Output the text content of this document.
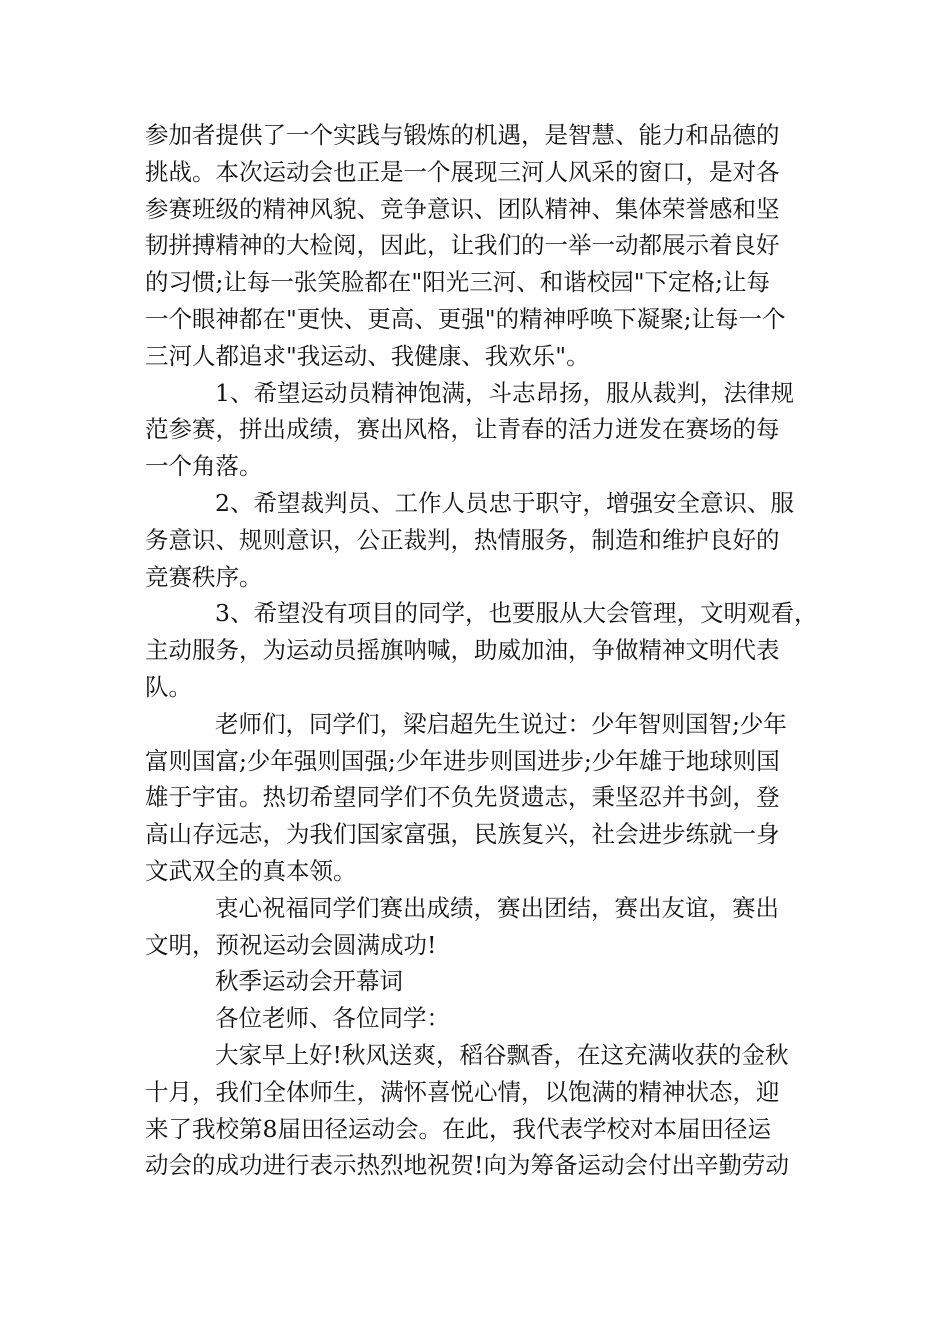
参加者提供了一个实践与锻炼的机遇，是智慧、能力和品德的
挑战。本次运动会也正是一个展现三河人风采的窗口，是对各
参赛班级的精神风貌、竞争意识、团队精神、集体荣誉感和坚
韧拼搏精神的大检阅，因此，让我们的一举一动都展示着良好
的习惯;让每一张笑脸都在"阳光三河、和谐校园"下定格;让每
一个眼神都在"更快、更高、更强"的精神呼唤下凝聚;让每一个
三河人都追求"我运动、我健康、我欢乐"。
1、希望运动员精神饱满，斗志昂扬，服从裁判，法律规
范参赛，拼出成绩，赛出风格，让青春的活力迸发在赛场的每
一个角落。
2、希望裁判员、工作人员忠于职守，增强安全意识、服
务意识、规则意识，公正裁判，热情服务，制造和维护良好的
竞赛秩序。
3、希望没有项目的同学，也要服从大会管理，文明观看，
主动服务，为运动员摇旗呐喊，助威加油，争做精神文明代表
队。
老师们，同学们，梁启超先生说过：少年智则国智;少年
富则国富;少年强则国强;少年进步则国进步;少年雄于地球则国
雄于宇宙。热切希望同学们不负先贤遗志，秉坚忍并书剑，登
高山存远志，为我们国家富强，民族复兴，社会进步练就一身
文武双全的真本领。
衷心祝福同学们赛出成绩，赛出团结，赛出友谊，赛出
文明，预祝运动会圆满成功!
秋季运动会开幕词
各位老师、各位同学：
大家早上好!秋风送爽，稻谷飘香，在这充满收获的金秋
十月，我们全体师生，满怀喜悦心情，以饱满的精神状态，迎
来了我校第8届田径运动会。在此，我代表学校对本届田径运
动会的成功进行表示热烈地祝贺!向为筹备运动会付出辛勤劳动
